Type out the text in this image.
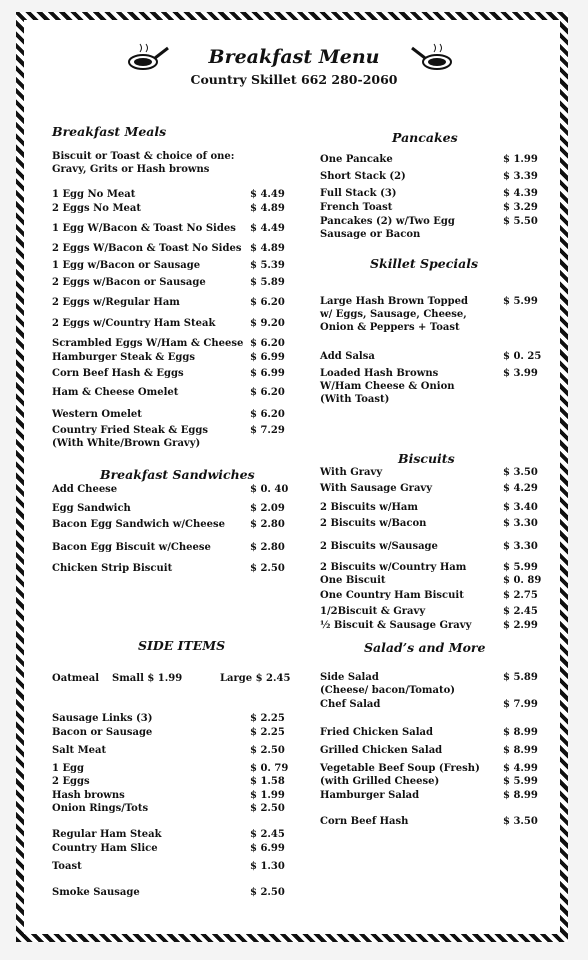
Breakfast Menu
Country Skillet 662 280-2060
Breakfast Meals
Biscuit or Toast & choice of one:
Gravy, Grits or Hash browns
1 Egg No Meat	$ 4.49
2 Eggs No Meat	$ 4.89
1 Egg W/Bacon & Toast No Sides $ 4.49
2 Eggs W/Bacon & Toast No Sides $ 4.89
1 Egg w/Bacon or Sausage	$ 5.39
2 Eggs w/Bacon or Sausage	$ 5.89
2 Eggs w/Regular Ham	$ 6.20
2 Eggs w/Country Ham Steak	$ 9.20
Scrambled Eggs W/Ham & Cheese $ 6.20
Hamburger Steak & Eggs	$ 6.99
Corn Beef Hash & Eggs	$ 6.99
Ham & Cheese Omelet	$ 6.20
Western Omelet	$ 6.20
Country Fried Steak & Eggs
(With White/Brown Gravy)
$ 7.29
Breakfast Sandwiches
Add Cheese	$ 0. 40
Egg Sandwich	$ 2.09
Bacon Egg Sandwich w/Cheese	$ 2.80
Bacon Egg Biscuit w/Cheese	$ 2.80
Chicken Strip Biscuit	$ 2.50
SIDE ITEMS
Oatmeal Small $ 1.99	Large $ 2.45
Sausage Links (3)	$ 2.25
Bacon or Sausage	$ 2.25
Salt Meat	$ 2.50
1 Egg	$ 0. 79
2 Eggs	$ 1.58
Hash browns	$ 1.99
Onion Rings/Tots	$ 2.50
Regular Ham Steak	$ 2.45
Country Ham Slice	$ 6.99
Toast	$ 1.30
Smoke Sausage	$ 2.50
Pancakes
One Pancake	$ 1.99
Short Stack (2)	$ 3.39
Full Stack (3)	$ 4.39
French Toast	$ 3.29
Pancakes (2) w/Two Egg
Sausage or Bacon
$ 5.50
Skillet Specials
Large Hash Brown Topped
w/ Eggs, Sausage, Cheese,
Onion & Peppers + Toast
$ 5.99
Add Salsa	$ 0. 25
Loaded Hash Browns
W/Ham Cheese & Onion
(With Toast)
$ 3.99
Biscuits
With Gravy	$ 3.50
With Sausage Gravy	$ 4.29
2 Biscuits w/Ham	$ 3.40
2 Biscuits w/Bacon	$ 3.30
2 Biscuits w/Sausage	$ 3.30
2 Biscuits w/Country Ham	$ 5.99
One Biscuit	$ 0. 89
One Country Ham Biscuit	$ 2.75
1/2Biscuit & Gravy	$ 2.45
½ Biscuit & Sausage Gravy	$ 2.99
Salad’s and More
Side Salad
(Cheese/ bacon/Tomato)
$ 5.89
Chef Salad	$ 7.99
Fried Chicken Salad	$ 8.99
Grilled Chicken Salad	$ 8.99
Vegetable Beef Soup (Fresh) $ 4.99
(with Grilled Cheese)	$ 5.99
Hamburger Salad	$ 8.99
Corn Beef Hash	$ 3.50
